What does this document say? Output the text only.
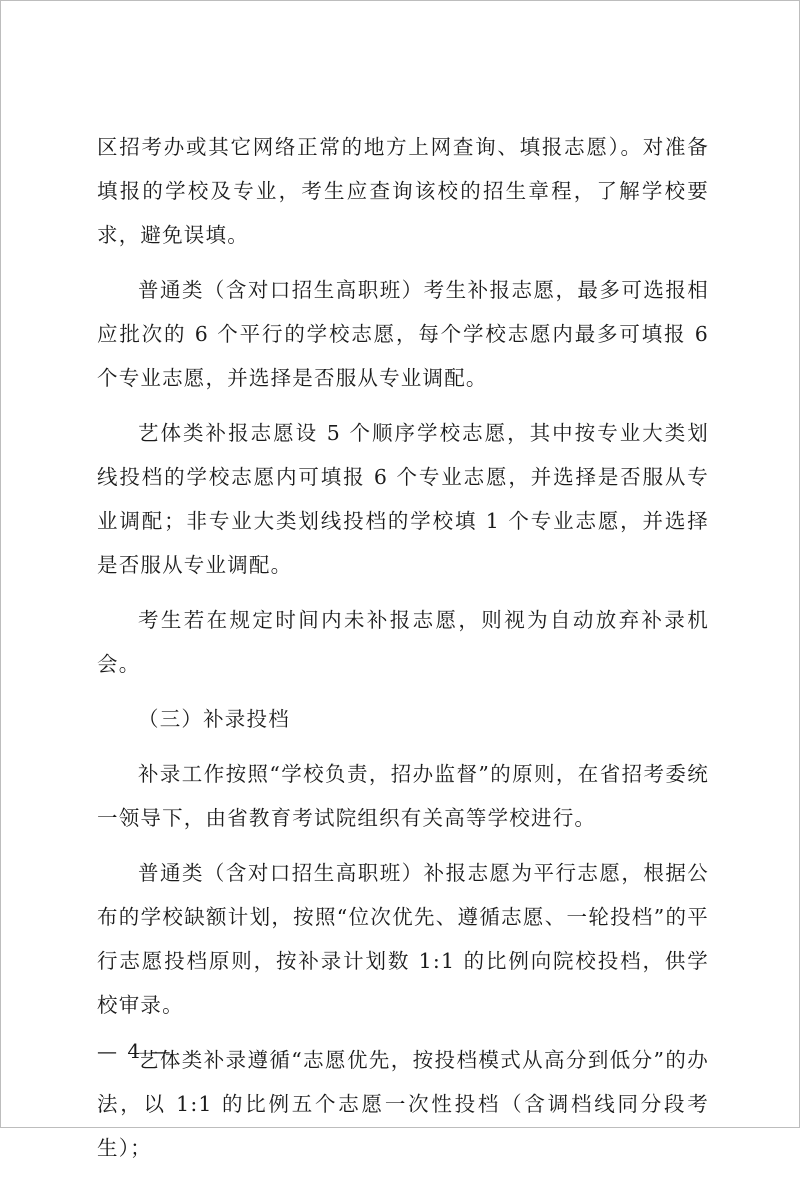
区招考办或其它网络正常的地方上网查询、填报志愿）。对准备填报的学校及专业，考生应查询该校的招生章程，了解学校要求，避免误填。

普通类（含对口招生高职班）考生补报志愿，最多可选报相应批次的 6 个平行的学校志愿，每个学校志愿内最多可填报 6 个专业志愿，并选择是否服从专业调配。

艺体类补报志愿设 5 个顺序学校志愿，其中按专业大类划线投档的学校志愿内可填报 6 个专业志愿，并选择是否服从专业调配；非专业大类划线投档的学校填 1 个专业志愿，并选择是否服从专业调配。

考生若在规定时间内未补报志愿，则视为自动放弃补录机会。

（三）补录投档

补录工作按照“学校负责，招办监督”的原则，在省招考委统一领导下，由省教育考试院组织有关高等学校进行。

普通类（含对口招生高职班）补报志愿为平行志愿，根据公布的学校缺额计划，按照“位次优先、遵循志愿、一轮投档”的平行志愿投档原则，按补录计划数 1:1 的比例向院校投档，供学校审录。

艺体类补录遵循“志愿优先，按投档模式从高分到低分”的办法，以 1:1 的比例五个志愿一次性投档（含调档线同分段考生）；

— 4 —
